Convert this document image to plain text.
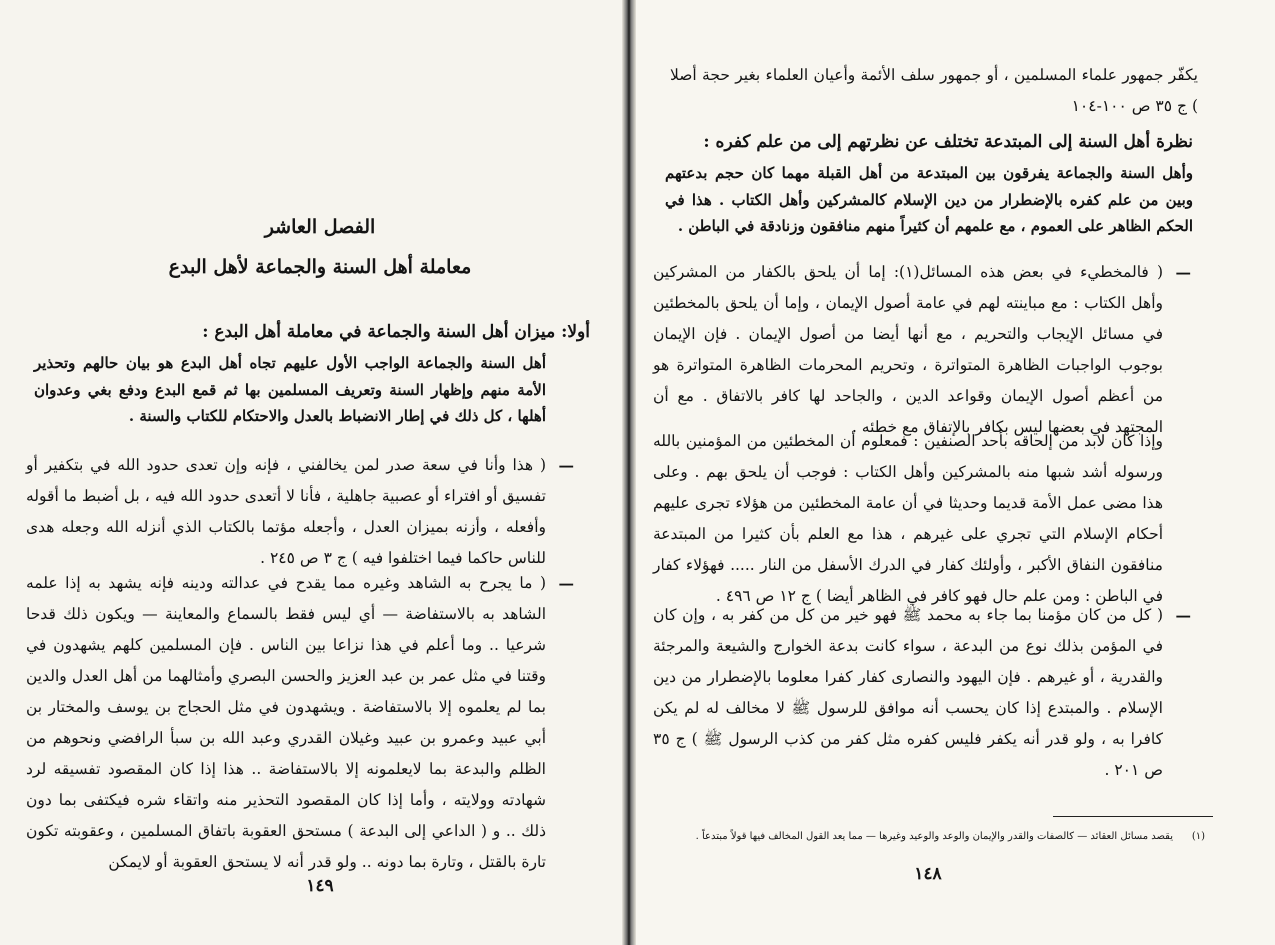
الفصل العاشر

معاملة أهل السنة والجماعة لأهل البدع

أولا: ميزان أهل السنة والجماعة في معاملة أهل البدع :

أهل السنة والجماعة الواجب الأول عليهم تجاه أهل البدع هو بيان حالهم وتحذير الأمة منهم وإظهار السنة وتعريف المسلمين بها ثم قمع البدع ودفع بغي وعدوان أهلها ، كل ذلك في إطار الانضباط بالعدل والاحتكام للكتاب والسنة .

—
( هذا وأنا في سعة صدر لمن يخالفني ، فإنه وإن تعدى حدود الله في بتكفير أو تفسيق أو افتراء أو عصبية جاهلية ، فأنا لا أتعدى حدود الله فيه ، بل أضبط ما أقوله وأفعله ، وأزنه بميزان العدل ، وأجعله مؤتما بالكتاب الذي أنزله الله وجعله هدى للناس حاكما فيما اختلفوا فيه ) ج ٣ ص ٢٤٥ .
—
( ما يجرح به الشاهد وغيره مما يقدح في عدالته ودينه فإنه يشهد به إذا علمه الشاهد به بالاستفاضة — أي ليس فقط بالسماع والمعاينة — ويكون ذلك قدحا شرعيا .. وما أعلم في هذا نزاعا بين الناس . فإن المسلمين كلهم يشهدون في وقتنا في مثل عمر بن عبد العزيز والحسن البصري وأمثالهما من أهل العدل والدين بما لم يعلموه إلا بالاستفاضة . ويشهدون في مثل الحجاج بن يوسف والمختار بن أبي عبيد وعمرو بن عبيد وغيلان القدري وعبد الله بن سبأ الرافضي ونحوهم من الظلم والبدعة بما لايعلمونه إلا بالاستفاضة .. هذا إذا كان المقصود تفسيقه لرد شهادته وولايته ، وأما إذا كان المقصود التحذير منه واتقاء شره فيكتفى بما دون ذلك .. و ( الداعي إلى البدعة ) مستحق العقوبة باتفاق المسلمين ، وعقوبته تكون تارة بالقتل ، وتارة بما دونه .. ولو قدر أنه لا يستحق العقوبة أو لايمكن

١٤٩

يكفّر جمهور علماء المسلمين ، أو جمهور سلف الأئمة وأعيان العلماء بغير حجة أصلا ) ج ٣٥ ص ١٠٠-١٠٤

نظرة أهل السنة إلى المبتدعة تختلف عن نظرتهم إلى من علم كفره :

وأهل السنة والجماعة يفرقون بين المبتدعة من أهل القبلة مهما كان حجم بدعتهم وبين من علم كفره بالإضطرار من دين الإسلام كالمشركين وأهل الكتاب . هذا في الحكم الظاهر على العموم ، مع علمهم أن كثيراً منهم منافقون وزنادقة في الباطن .

—
( فالمخطيء في بعض هذه المسائل(١): إما أن يلحق بالكفار من المشركين وأهل الكتاب : مع مباينته لهم في عامة أصول الإيمان ، وإما أن يلحق بالمخطئين في مسائل الإيجاب والتحريم ، مع أنها أيضا من أصول الإيمان . فإن الإيمان بوجوب الواجبات الظاهرة المتواترة ، وتحريم المحرمات الظاهرة المتواترة هو من أعظم أصول الإيمان وقواعد الدين ، والجاحد لها كافر بالاتفاق . مع أن المجتهد في بعضها ليس بكافر بالإتفاق مع خطئه .

وإذا كان لابد من إلحاقه بأحد الصنفين : فمعلوم أن المخطئين من المؤمنين بالله ورسوله أشد شبها منه بالمشركين وأهل الكتاب : فوجب أن يلحق بهم . وعلى هذا مضى عمل الأمة قديما وحديثا في أن عامة المخطئين من هؤلاء تجرى عليهم أحكام الإسلام التي تجري على غيرهم ، هذا مع العلم بأن كثيرا من المبتدعة منافقون النفاق الأكبر ، وأولئك كفار في الدرك الأسفل من النار ..... فهؤلاء كفار في الباطن : ومن علم حال فهو كافر في الظاهر أيضا ) ج ١٢ ص ٤٩٦ .

—
( كل من كان مؤمنا بما جاء به محمد ﷺ فهو خير من كل من كفر به ، وإن كان في المؤمن بذلك نوع من البدعة ، سواء كانت بدعة الخوارج والشيعة والمرجئة والقدرية ، أو غيرهم . فإن اليهود والنصارى كفار كفرا معلوما بالإضطرار من دين الإسلام . والمبتدع إذا كان يحسب أنه موافق للرسول ﷺ لا مخالف له لم يكن كافرا به ، ولو قدر أنه يكفر فليس كفره مثل كفر من كذب الرسول ﷺ ) ج ٣٥ ص ٢٠١ .

(١)

يقصد مسائل العقائد — كالصفات والقدر والإيمان والوعد والوعيد وغيرها — مما يعد القول المخالف فيها قولاً مبتدعاً .

١٤٨
